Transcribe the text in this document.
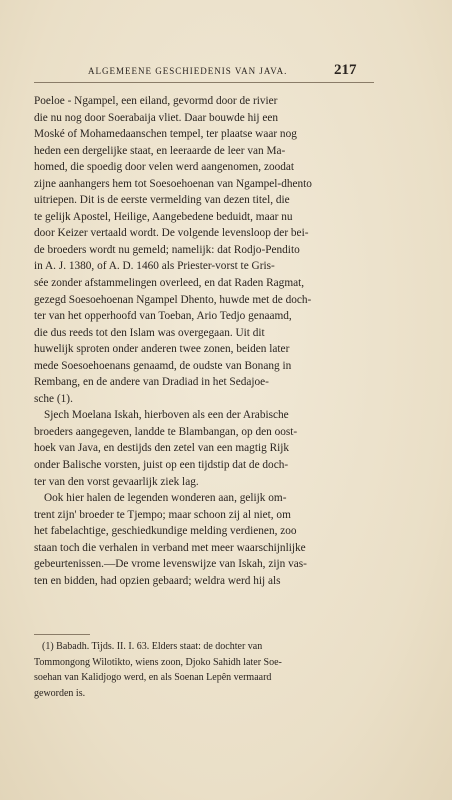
ALGEMEENE GESCHIEDENIS VAN JAVA.	217
Poeloe - Ngampel, een eiland, gevormd door de rivier
die nu nog door Soerabaija vliet. Daar bouwde hij een
Moské of Mohamedaanschen tempel, ter plaatse waar nog
heden een dergelijke staat, en leeraarde de leer van Ma-
homed, die spoedig door velen werd aangenomen, zoodat
zijne aanhangers hem tot Soesoehoenan van Ngampel-dhento
uitriepen. Dit is de eerste vermelding van dezen titel, die
te gelijk Apostel, Heilige, Aangebedene beduidt, maar nu
door Keizer vertaald wordt. De volgende levensloop der bei-
de broeders wordt nu gemeld; namelijk: dat Rodjo-Pendito
in A. J. 1380, of A. D. 1460 als Priester-vorst te Gris-
sée zonder afstammelingen overleed, en dat Raden Ragmat,
gezegd Soesoehoenan Ngampel Dhento, huwde met de doch-
ter van het opperhoofd van Toeban, Ario Tedjo genaamd,
die dus reeds tot den Islam was overgegaan. Uit dit
huwelijk sproten onder anderen twee zonen, beiden later
mede Soesoehoenans genaamd, de oudste van Bonang in
Rembang, en de andere van Dradiad in het Sedajoe-
sche (1).
Sjech Moelana Iskah, hierboven als een der Arabische
broeders aangegeven, landde te Blambangan, op den oost-
hoek van Java, en destijds den zetel van een magtig Rijk
onder Balische vorsten, juist op een tijdstip dat de doch-
ter van den vorst gevaarlijk ziek lag.
Ook hier halen de legenden wonderen aan, gelijk om-
trent zijn' broeder te Tjempo; maar schoon zij al niet, om
het fabelachtige, geschiedkundige melding verdienen, zoo
staan toch die verhalen in verband met meer waarschijnlijke
gebeurtenissen.—De vrome levenswijze van Iskah, zijn vas-
ten en bidden, had opzien gebaard; weldra werd hij als
(1) Babadh. Tijds. II. I. 63. Elders staat: de dochter van
Tommongong Wilotikto, wiens zoon, Djoko Sahidh later Soe-
soehan van Kalidjogo werd, en als Soenan Lepên vermaard
geworden is.
